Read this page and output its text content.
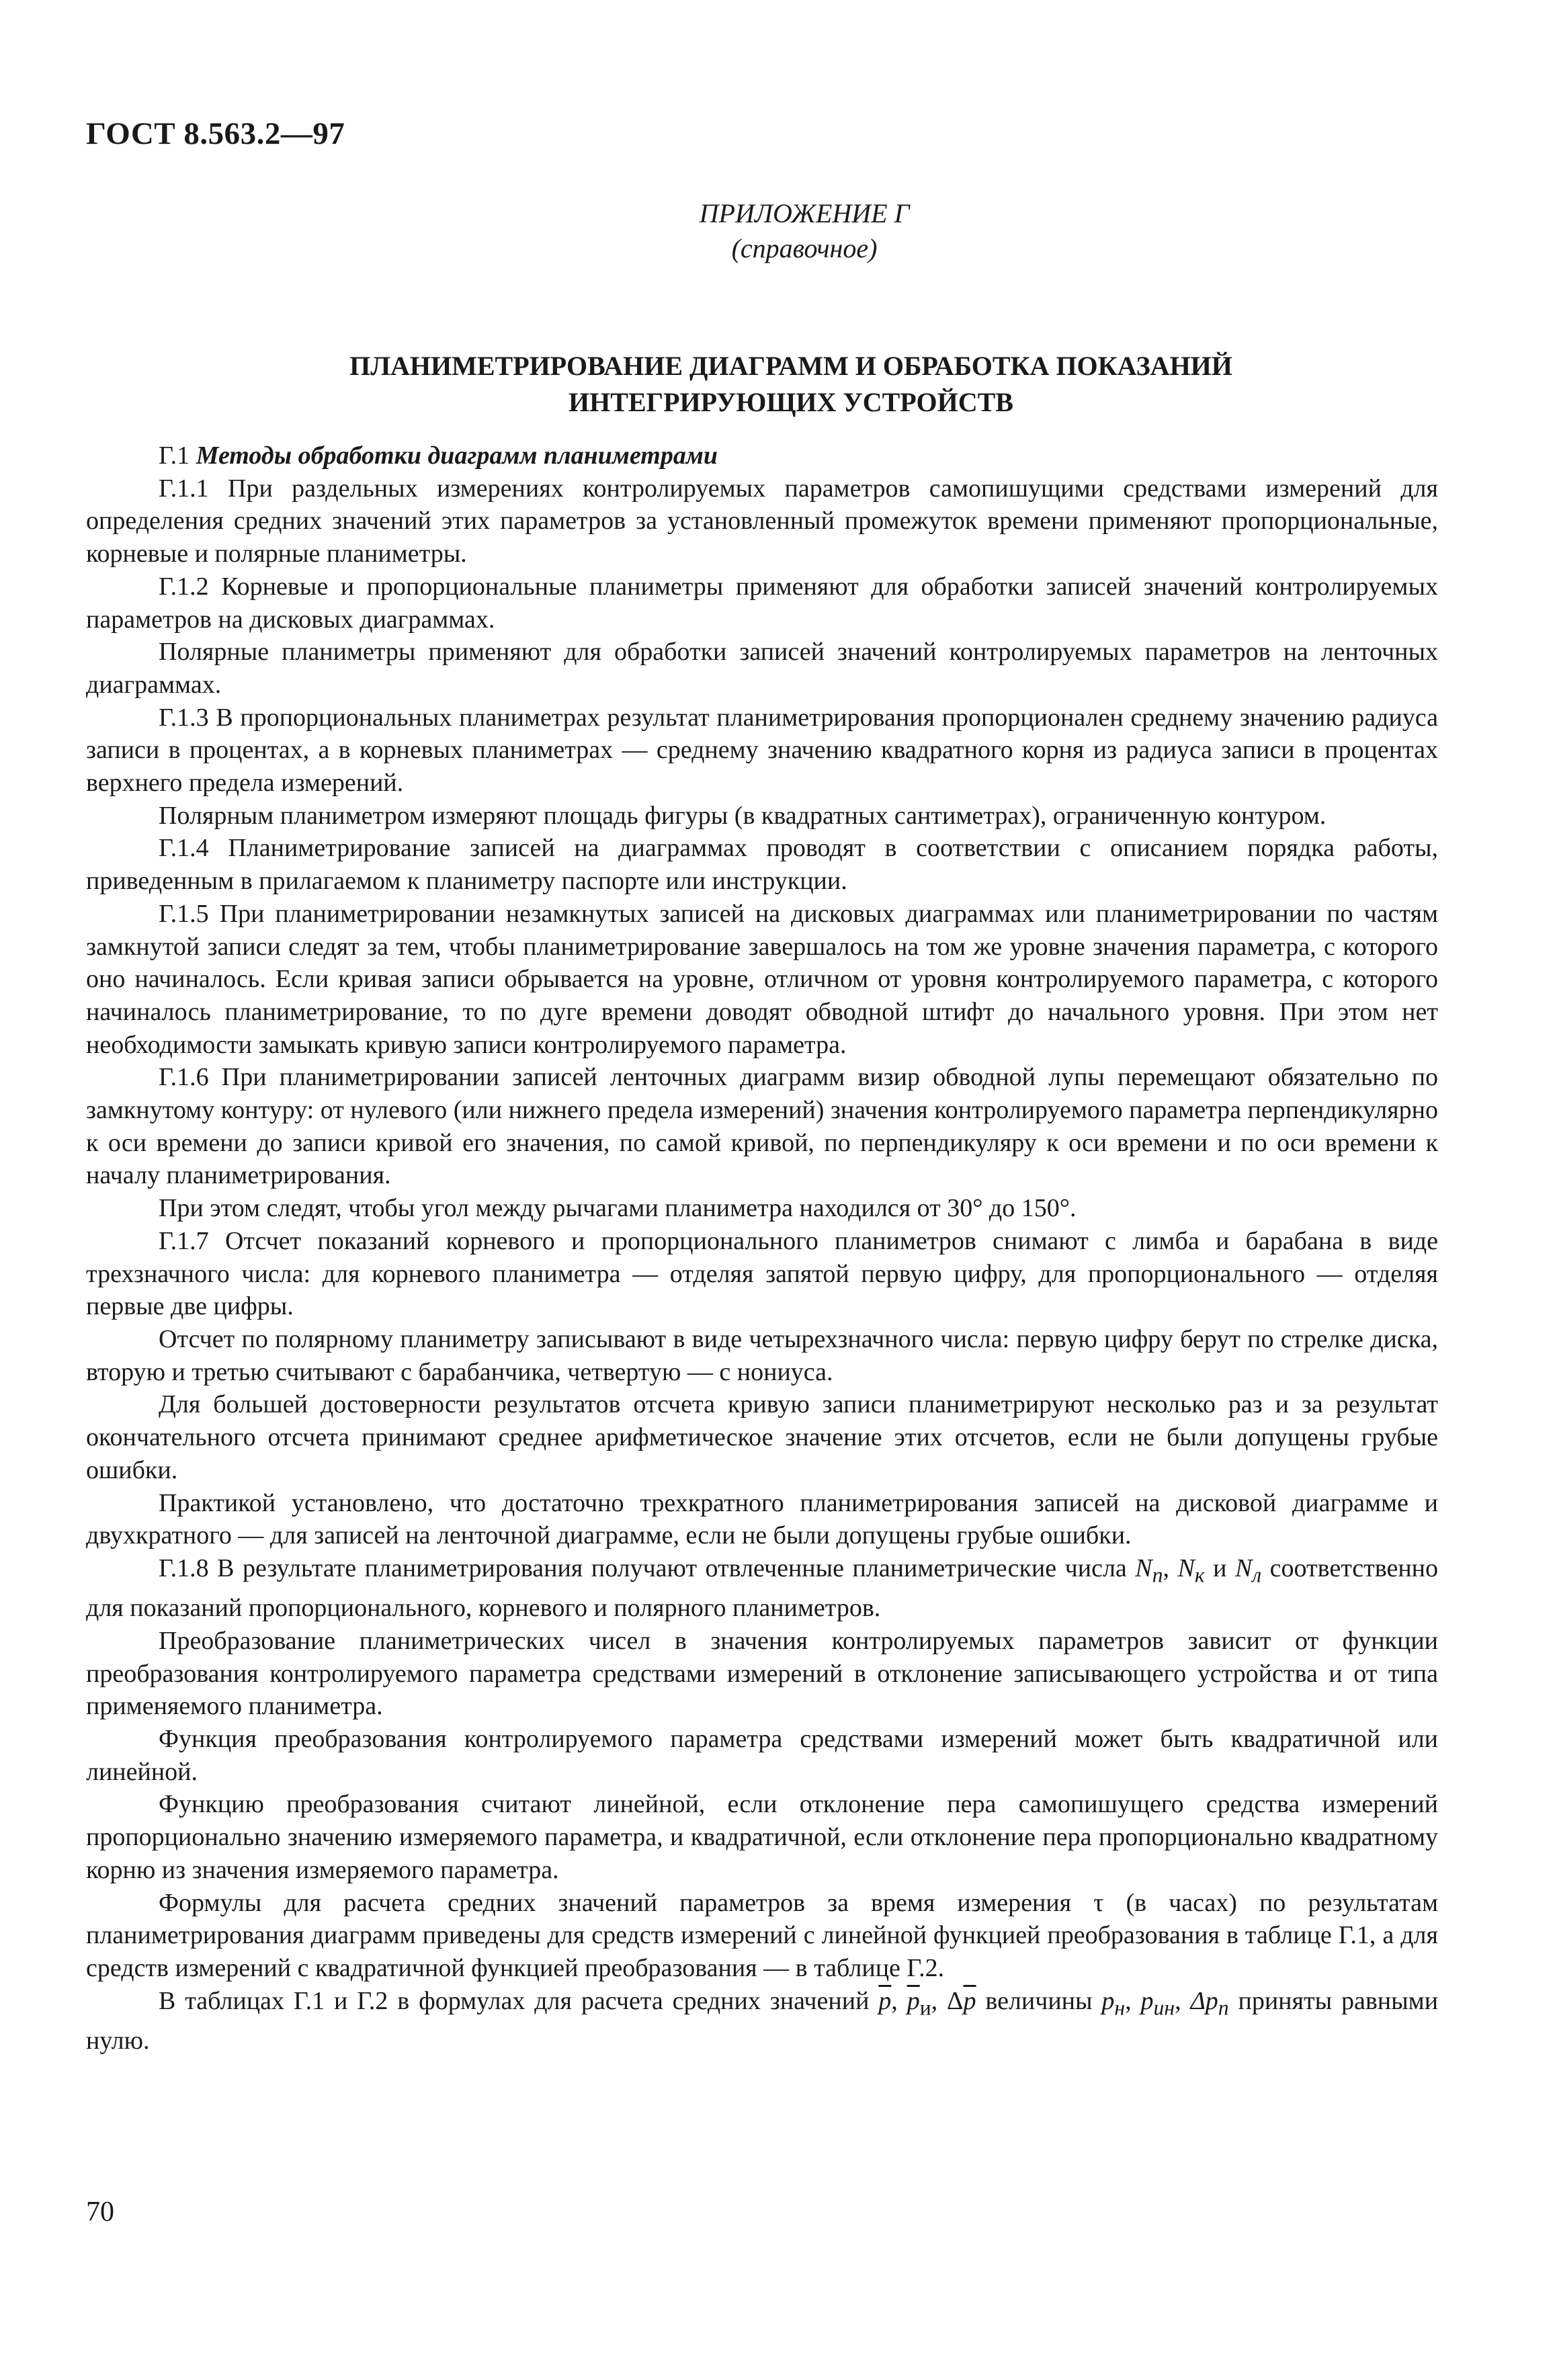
ГОСТ 8.563.2—97
ПРИЛОЖЕНИЕ Г
(справочное)
ПЛАНИМЕТРИРОВАНИЕ ДИАГРАММ И ОБРАБОТКА ПОКАЗАНИЙ
ИНТЕГРИРУЮЩИХ УСТРОЙСТВ

Г.1 Методы обработки диаграмм планиметрами

Г.1.1 При раздельных измерениях контролируемых параметров самопишущими средствами измерений для определения средних значений этих параметров за установленный промежуток времени применяют пропорциональные, корневые и полярные планиметры.

Г.1.2 Корневые и пропорциональные планиметры применяют для обработки записей значений контролируемых параметров на дисковых диаграммах.

Полярные планиметры применяют для обработки записей значений контролируемых параметров на ленточных диаграммах.

Г.1.3 В пропорциональных планиметрах результат планиметрирования пропорционален среднему значению радиуса записи в процентах, а в корневых планиметрах — среднему значению квадратного корня из радиуса записи в процентах верхнего предела измерений.

Полярным планиметром измеряют площадь фигуры (в квадратных сантиметрах), ограниченную контуром.

Г.1.4 Планиметрирование записей на диаграммах проводят в соответствии с описанием порядка работы, приведенным в прилагаемом к планиметру паспорте или инструкции.

Г.1.5 При планиметрировании незамкнутых записей на дисковых диаграммах или планиметрировании по частям замкнутой записи следят за тем, чтобы планиметрирование завершалось на том же уровне значения параметра, с которого оно начиналось. Если кривая записи обрывается на уровне, отличном от уровня контролируемого параметра, с которого начиналось планиметрирование, то по дуге времени доводят обводной штифт до начального уровня. При этом нет необходимости замыкать кривую записи контролируемого параметра.

Г.1.6 При планиметрировании записей ленточных диаграмм визир обводной лупы перемещают обязательно по замкнутому контуру: от нулевого (или нижнего предела измерений) значения контролируемого параметра перпендикулярно к оси времени до записи кривой его значения, по самой кривой, по перпендикуляру к оси времени и по оси времени к началу планиметрирования.

При этом следят, чтобы угол между рычагами планиметра находился от 30° до 150°.

Г.1.7 Отсчет показаний корневого и пропорционального планиметров снимают с лимба и барабана в виде трехзначного числа: для корневого планиметра — отделяя запятой первую цифру, для пропорционального — отделяя первые две цифры.

Отсчет по полярному планиметру записывают в виде четырехзначного числа: первую цифру берут по стрелке диска, вторую и третью считывают с барабанчика, четвертую — с нониуса.

Для большей достоверности результатов отсчета кривую записи планиметрируют несколько раз и за результат окончательного отсчета принимают среднее арифметическое значение этих отсчетов, если не были допущены грубые ошибки.

Практикой установлено, что достаточно трехкратного планиметрирования записей на дисковой диаграмме и двухкратного — для записей на ленточной диаграмме, если не были допущены грубые ошибки.

Г.1.8 В результате планиметрирования получают отвлеченные планиметрические числа $N_п$, $N_к$ и $N_л$ соответственно для показаний пропорционального, корневого и полярного планиметров.

Преобразование планиметрических чисел в значения контролируемых параметров зависит от функции преобразования контролируемого параметра средствами измерений в отклонение записывающего устройства и от типа применяемого планиметра.

Функция преобразования контролируемого параметра средствами измерений может быть квадратичной или линейной.

Функцию преобразования считают линейной, если отклонение пера самопишущего средства измерений пропорционально значению измеряемого параметра, и квадратичной, если отклонение пера пропорционально квадратному корню из значения измеряемого параметра.

Формулы для расчета средних значений параметров за время измерения τ (в часах) по результатам планиметрирования диаграмм приведены для средств измерений с линейной функцией преобразования в таблице Г.1, а для средств измерений с квадратичной функцией преобразования — в таблице Г.2.

В таблицах Г.1 и Г.2 в формулах для расчета средних значений $\overline{p}$, $\overline{p}_и$, $\Delta\overline{p}$ величины $p_н$, $p_{ин}$, $\Delta p_п$ приняты равными нулю.

70
